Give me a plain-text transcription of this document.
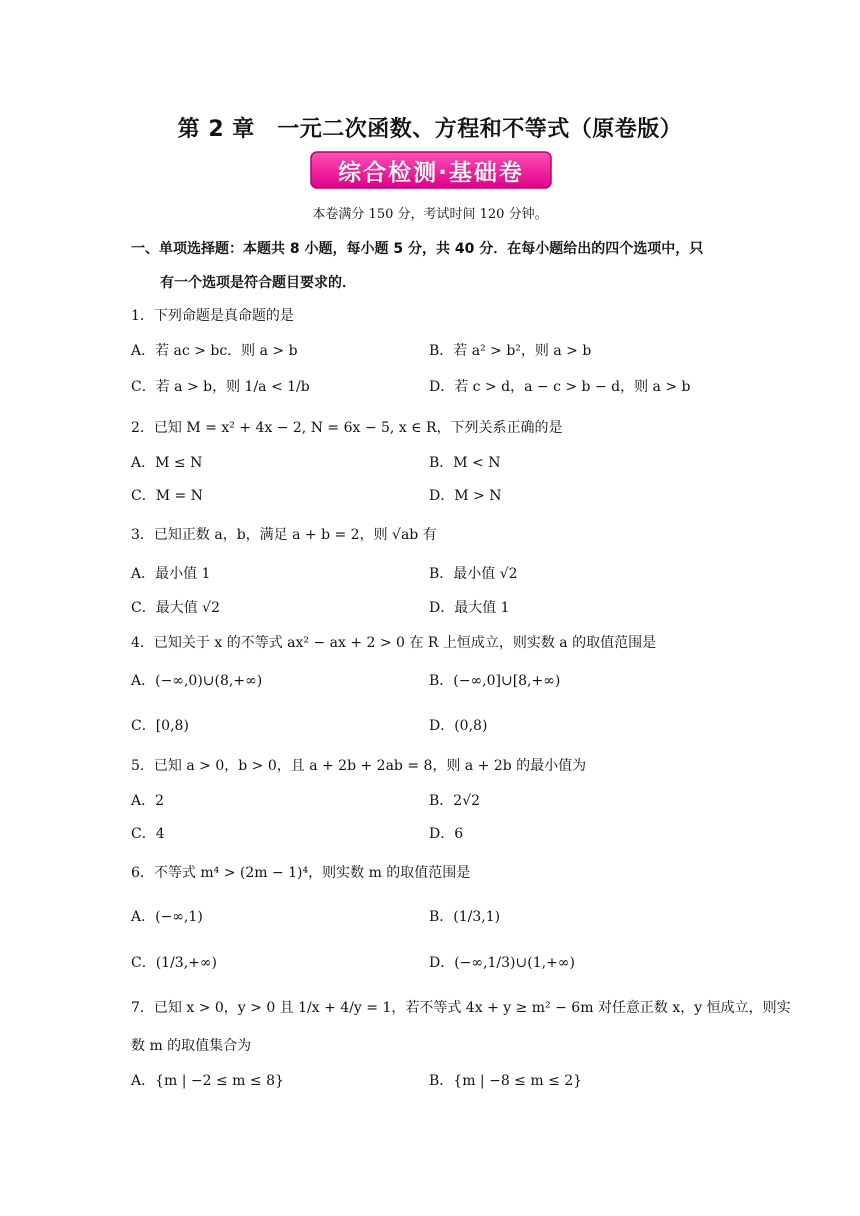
第 2 章　一元二次函数、方程和不等式（原卷版）
综合检测·基础卷
本卷满分 150 分，考试时间 120 分钟。
一、单项选择题：本题共 8 小题，每小题 5 分，共 40 分．在每小题给出的四个选项中，只
有一个选项是符合题目要求的．
1．下列命题是真命题的是
A．若 ac > bc．则 a > b	B．若 a² > b²，则 a > b
C．若 a > b，则 1/a < 1/b	D．若 c > d，a − c > b − d，则 a > b
2．已知 M = x² + 4x − 2, N = 6x − 5, x ∈ R，下列关系正确的是
A．M ≤ N	B．M < N
C．M = N	D．M > N
3．已知正数 a，b，满足 a + b = 2，则 √ab 有
A．最小值 1	B．最小值 √2
C．最大值 √2	D．最大值 1
4．已知关于 x 的不等式 ax² − ax + 2 > 0 在 R 上恒成立，则实数 a 的取值范围是
A．(−∞,0)∪(8,+∞)	B．(−∞,0]∪[8,+∞)
C．[0,8)	D．(0,8)
5．已知 a > 0，b > 0，且 a + 2b + 2ab = 8，则 a + 2b 的最小值为
A．2	B．2√2
C．4	D．6
6．不等式 m⁴ > (2m − 1)⁴，则实数 m 的取值范围是
A．(−∞,1)	B．(1/3,1)
C．(1/3,+∞)	D．(−∞,1/3)∪(1,+∞)
7．已知 x > 0，y > 0 且 1/x + 4/y = 1，若不等式 4x + y ≥ m² − 6m 对任意正数 x，y 恒成立，则实
数 m 的取值集合为
A．{m | −2 ≤ m ≤ 8}	B．{m | −8 ≤ m ≤ 2}
